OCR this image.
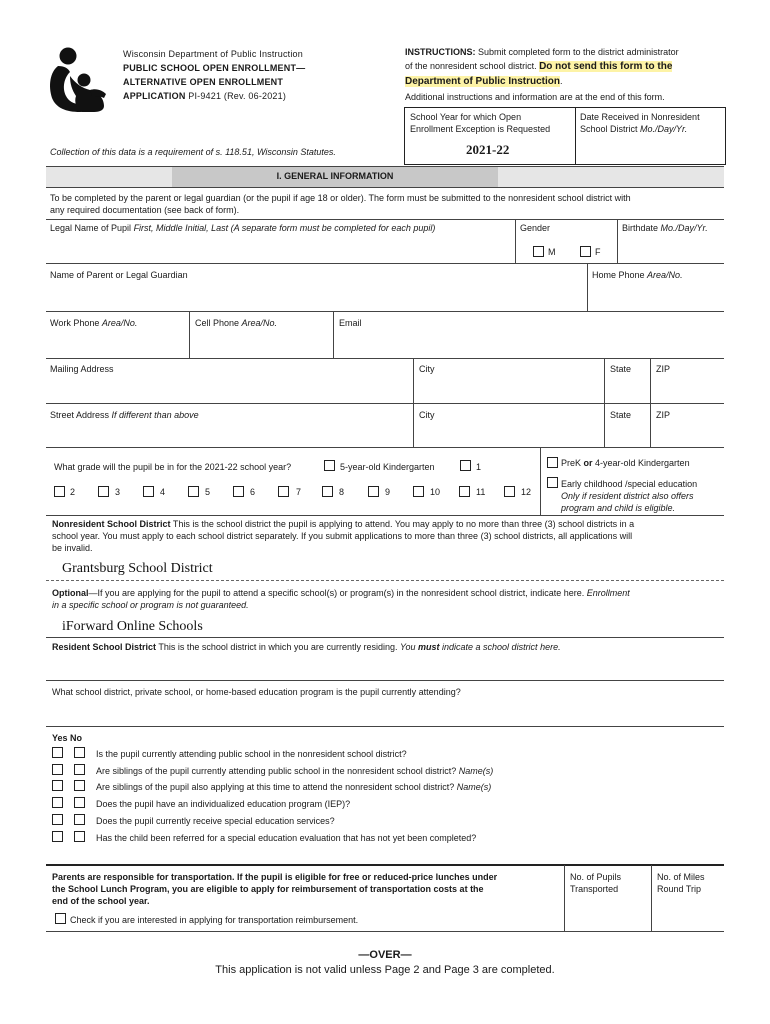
Wisconsin Department of Public Instruction
PUBLIC SCHOOL OPEN ENROLLMENT—
ALTERNATIVE OPEN ENROLLMENT
APPLICATION PI-9421 (Rev. 06-2021)
Collection of this data is a requirement of s. 118.51, Wisconsin Statutes.
INSTRUCTIONS: Submit completed form to the district administrator
of the nonresident school district. Do not send this form to the
Department of Public Instruction.
Additional instructions and information are at the end of this form.
School Year for which Open
Enrollment Exception is Requested
2021-22
Date Received in Nonresident
School District Mo./Day/Yr.
I. GENERAL INFORMATION
To be completed by the parent or legal guardian (or the pupil if age 18 or older). The form must be submitted to the nonresident school district with
any required documentation (see back of form).
Legal Name of Pupil First, Middle Initial, Last (A separate form must be completed for each pupil)	Gender
M	F
Birthdate Mo./Day/Yr.
Name of Parent or Legal Guardian	Home Phone Area/No.
Work Phone Area/No.	Cell Phone Area/No.	Email
Mailing Address	City	State	ZIP
Street Address If different than above	City	State	ZIP
What grade will the pupil be in for the 2021-22 school year?	5-year-old Kindergarten	1	PreK or 4-year-old Kindergarten
Early childhood /special education
Only if resident district also offers
program and child is eligible.
2	3	4	5	6	7	8	9	10	11	12
Nonresident School District This is the school district the pupil is applying to attend. You may apply to no more than three (3) school districts in a
school year. You must apply to each school district separately. If you submit applications to more than three (3) school districts, all applications will
be invalid.
Grantsburg School District
Optional—If you are applying for the pupil to attend a specific school(s) or program(s) in the nonresident school district, indicate here. Enrollment
in a specific school or program is not guaranteed.
iForward Online Schools
Resident School District This is the school district in which you are currently residing. You must indicate a school district here.
What school district, private school, or home-based education program is the pupil currently attending?
Yes No
Is the pupil currently attending public school in the nonresident school district?
Are siblings of the pupil currently attending public school in the nonresident school district? Name(s)
Are siblings of the pupil also applying at this time to attend the nonresident school district? Name(s)
Does the pupil have an individualized education program (IEP)?
Does the pupil currently receive special education services?
Has the child been referred for a special education evaluation that has not yet been completed?
Parents are responsible for transportation. If the pupil is eligible for free or reduced-price lunches under
the School Lunch Program, you are eligible to apply for reimbursement of transportation costs at the
end of the school year.
Check if you are interested in applying for transportation reimbursement.
No. of Pupils
Transported
No. of Miles
Round Trip
—OVER—
This application is not valid unless Page 2 and Page 3 are completed.
